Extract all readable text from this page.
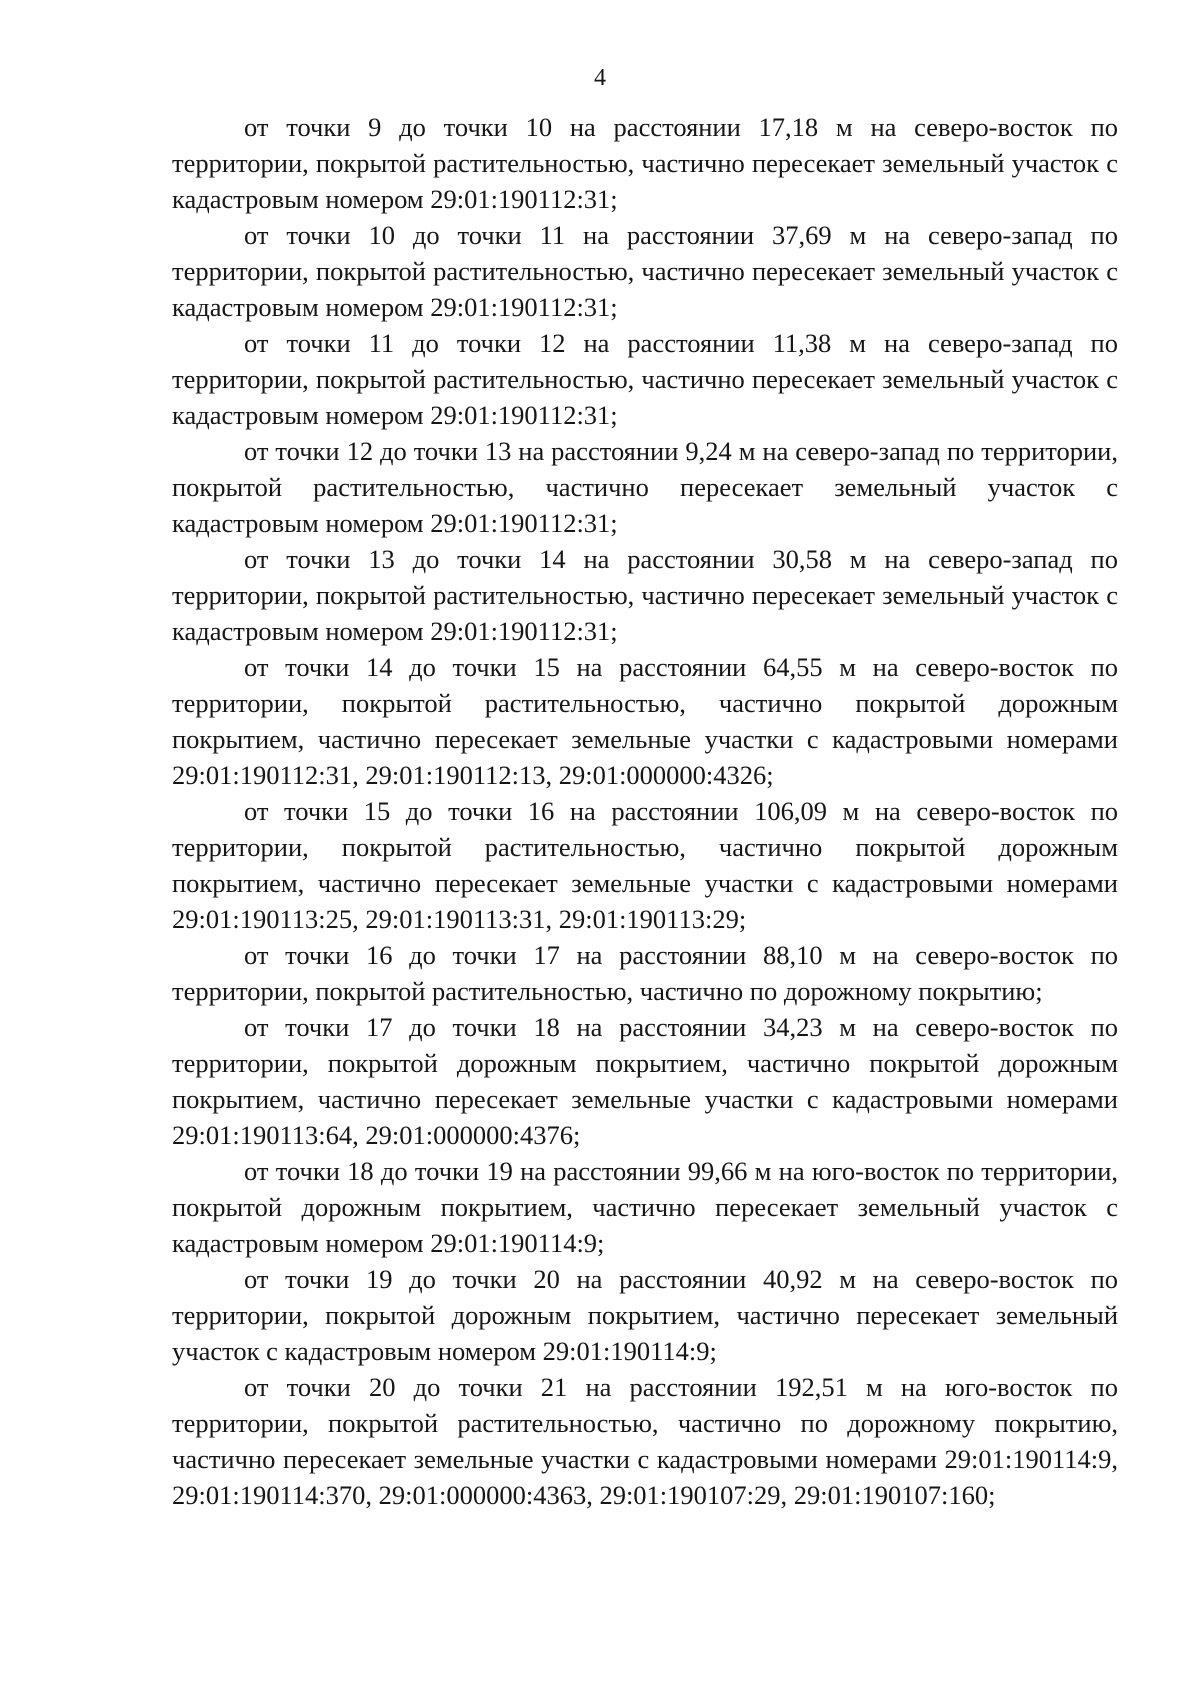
4

от точки 9 до точки 10 на расстоянии 17,18 м на северо-восток по территории, покрытой растительностью, частично пересекает земельный участок с кадастровым номером 29:01:190112:31;

от точки 10 до точки 11 на расстоянии 37,69 м на северо-запад по территории, покрытой растительностью, частично пересекает земельный участок с кадастровым номером 29:01:190112:31;

от точки 11 до точки 12 на расстоянии 11,38 м на северо-запад по территории, покрытой растительностью, частично пересекает земельный участок с кадастровым номером 29:01:190112:31;

от точки 12 до точки 13 на расстоянии 9,24 м на северо-запад по территории, покрытой растительностью, частично пересекает земельный участок с кадастровым номером 29:01:190112:31;

от точки 13 до точки 14 на расстоянии 30,58 м на северо-запад по территории, покрытой растительностью, частично пересекает земельный участок с кадастровым номером 29:01:190112:31;

от точки 14 до точки 15 на расстоянии 64,55 м на северо-восток по территории, покрытой растительностью, частично покрытой дорожным покрытием, частично пересекает земельные участки с кадастровыми номерами 29:01:190112:31, 29:01:190112:13, 29:01:000000:4326;

от точки 15 до точки 16 на расстоянии 106,09 м на северо-восток по территории, покрытой растительностью, частично покрытой дорожным покрытием, частично пересекает земельные участки с кадастровыми номерами 29:01:190113:25, 29:01:190113:31, 29:01:190113:29;

от точки 16 до точки 17 на расстоянии 88,10 м на северо-восток по территории, покрытой растительностью, частично по дорожному покрытию;

от точки 17 до точки 18 на расстоянии 34,23 м на северо-восток по территории, покрытой дорожным покрытием, частично покрытой дорожным покрытием, частично пересекает земельные участки с кадастровыми номерами 29:01:190113:64, 29:01:000000:4376;

от точки 18 до точки 19 на расстоянии 99,66 м на юго-восток по территории, покрытой дорожным покрытием, частично пересекает земельный участок с кадастровым номером 29:01:190114:9;

от точки 19 до точки 20 на расстоянии 40,92 м на северо-восток по территории, покрытой дорожным покрытием, частично пересекает земельный участок с кадастровым номером 29:01:190114:9;

от точки 20 до точки 21 на расстоянии 192,51 м на юго-восток по территории, покрытой растительностью, частично по дорожному покрытию, частично пересекает земельные участки с кадастровыми номерами 29:01:190114:9, 29:01:190114:370, 29:01:000000:4363, 29:01:190107:29, 29:01:190107:160;
